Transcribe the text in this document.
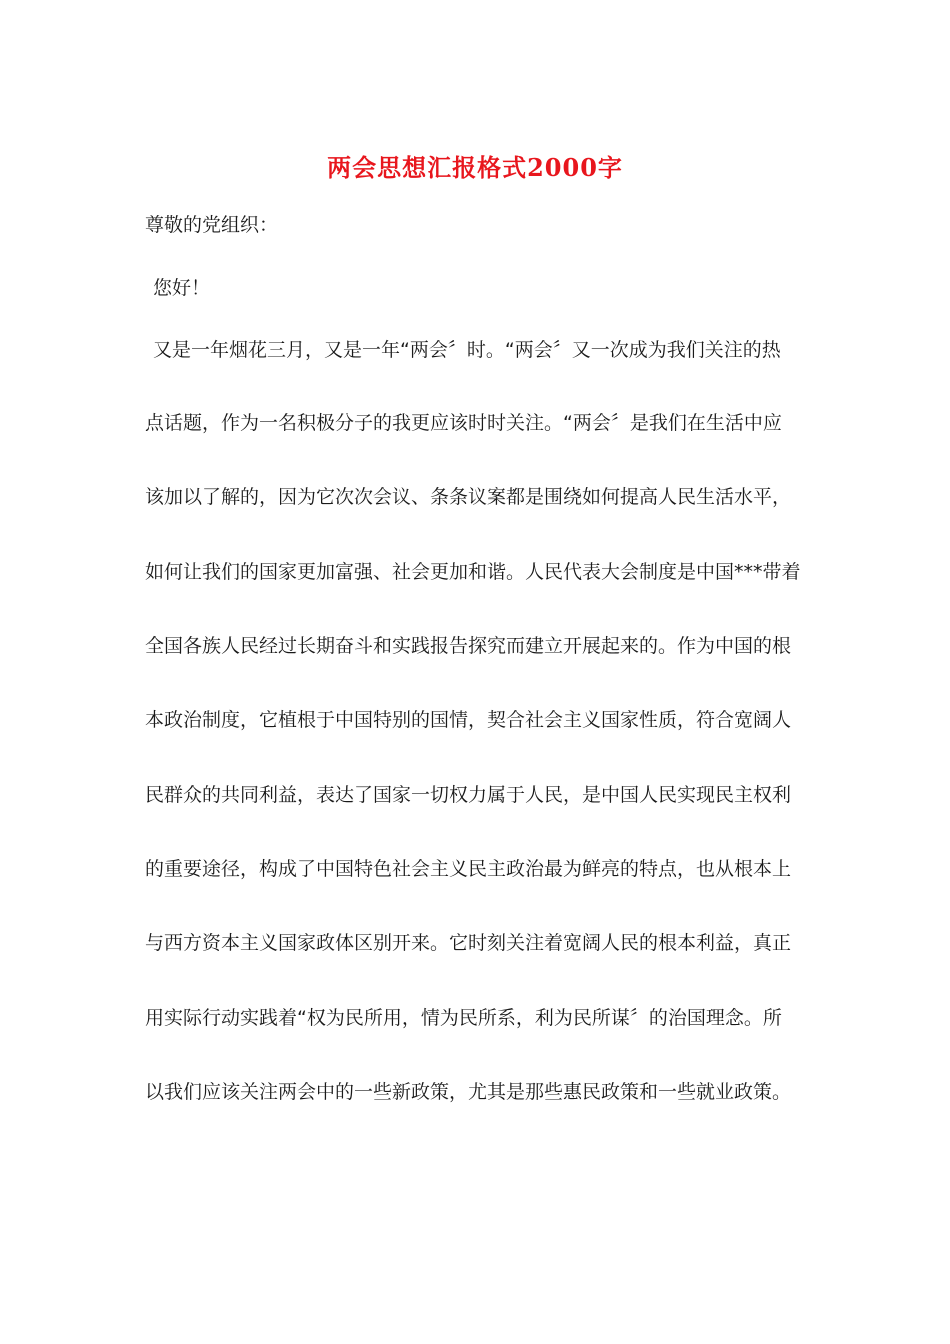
两会思想汇报格式2000字
尊敬的党组织：
您好！
又是一年烟花三月，又是一年“两会〞时。“两会〞又一次成为我们关注的热
点话题，作为一名积极分子的我更应该时时关注。“两会〞是我们在生活中应
该加以了解的，因为它次次会议、条条议案都是围绕如何提高人民生活水平，
如何让我们的国家更加富强、社会更加和谐。人民代表大会制度是中国***带着
全国各族人民经过长期奋斗和实践报告探究而建立开展起来的。作为中国的根
本政治制度，它植根于中国特别的国情，契合社会主义国家性质，符合宽阔人
民群众的共同利益，表达了国家一切权力属于人民，是中国人民实现民主权利
的重要途径，构成了中国特色社会主义民主政治最为鲜亮的特点，也从根本上
与西方资本主义国家政体区别开来。它时刻关注着宽阔人民的根本利益，真正
用实际行动实践着“权为民所用，情为民所系，利为民所谋〞的治国理念。所
以我们应该关注两会中的一些新政策，尤其是那些惠民政策和一些就业政策。
